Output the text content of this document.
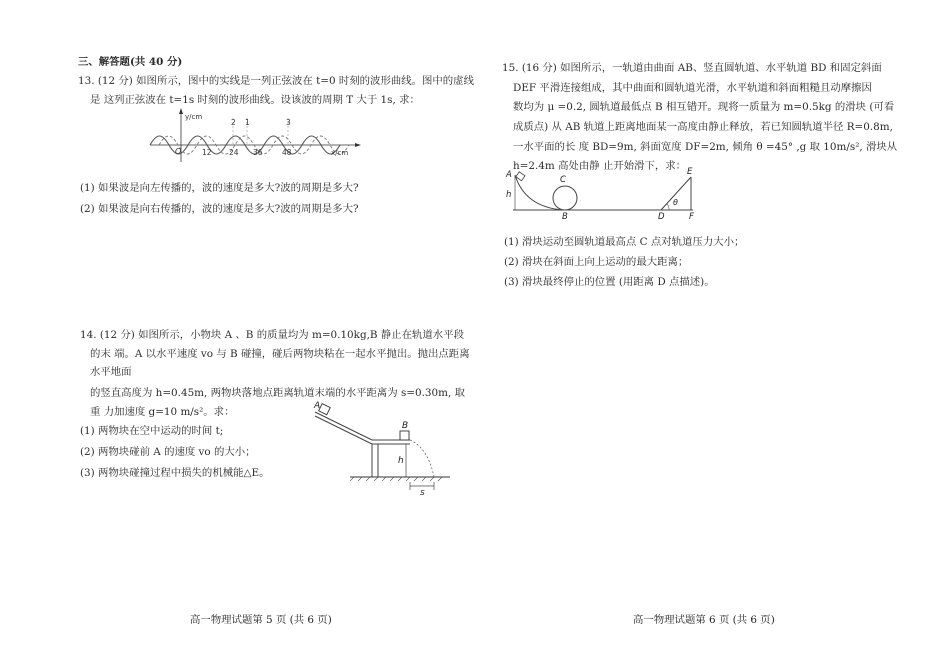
三、解答题(共 40 分)
13. (12 分) 如图所示，图中的实线是一列正弦波在 t=0 时刻的波形曲线。图中的虚线
是 这列正弦波在 t=1s 时刻的波形曲线。设该波的周期 T 大于 1s, 求：
y/cm
O	12 24 36	48	x/cm
2 1	3
(1) 如果波是向左传播的，波的速度是多大?波的周期是多大?
(2) 如果波是向右传播的，波的速度是多大?波的周期是多大?
14. (12 分) 如图所示，小物块 A 、B 的质量均为 m=0.10kg,B 静止在轨道水平段
的末 端。A 以水平速度 vo 与 B 碰撞，碰后两物块粘在一起水平抛出。抛出点距离
水平地面
的竖直高度为 h=0.45m, 两物块落地点距离轨道末端的水平距离为 s=0.30m, 取
重 力加速度 g=10 m/s²。求：
(1) 两物块在空中运动的时间 t;
(2) 两物块碰前 A 的速度 vo 的大小；
(3) 两物块碰撞过程中损失的机械能△E。
A
B
h
s
高一物理试题第 5 页 (共 6 页)
15. (16 分) 如图所示，一轨道由曲面 AB、竖直圆轨道、水平轨道 BD 和固定斜面
DEF 平滑连接组成，其中曲面和圆轨道光滑，水平轨道和斜面粗糙且动摩擦因
数均为 μ =0.2, 圆轨道最低点 B 相互错开。现将一质量为 m=0.5kg 的滑块 (可看
成质点) 从 AB 轨道上距离地面某一高度由静止释放，若已知圆轨道半径 R=0.8m,
一水平面的长 度 BD=9m, 斜面宽度 DF=2m, 倾角 θ =45° ,g 取 10m/s², 滑块从
h=2.4m 高处由静 止开始滑下，求：
A
h
C
B
E
θ
D	F
(1) 滑块运动至圆轨道最高点 C 点对轨道压力大小；
(2) 滑块在斜面上向上运动的最大距离；
(3) 滑块最终停止的位置 (用距离 D 点描述)。
高一物理试题第 6 页 (共 6 页)
